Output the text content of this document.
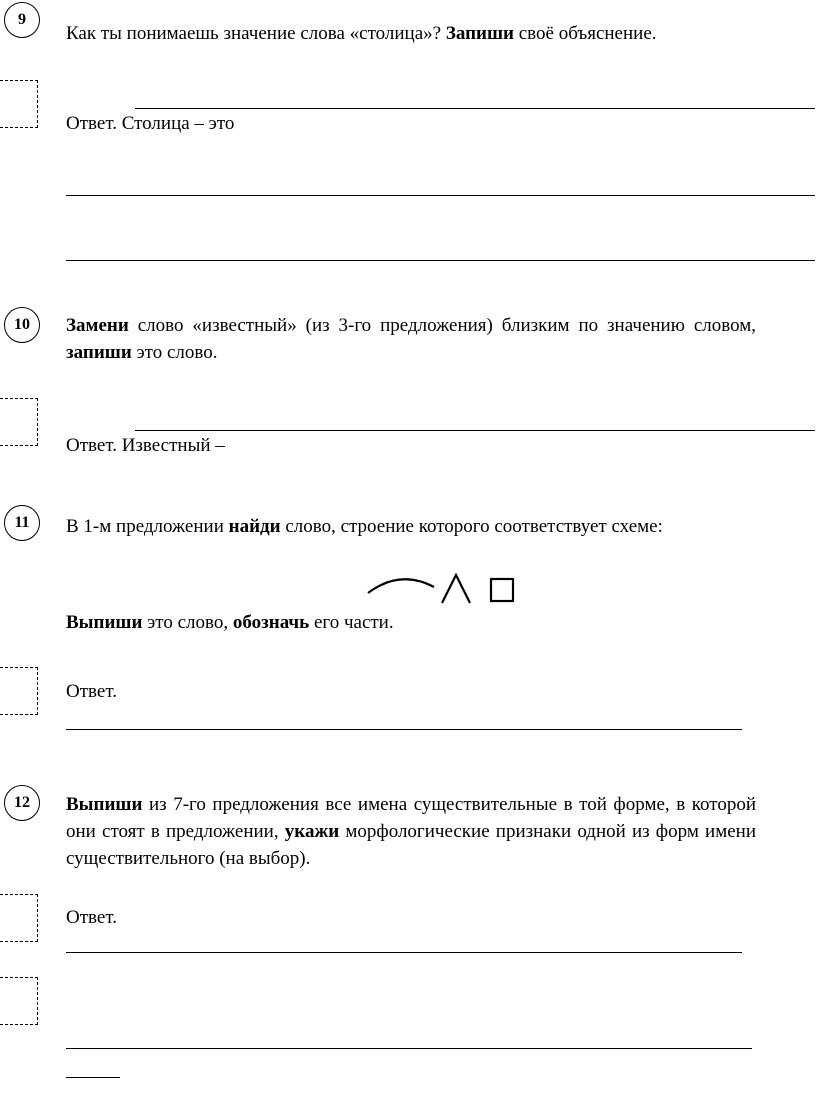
9
Как ты понимаешь значение слова «столица»? Запиши своё объяснение.
Ответ. Столица – это
10	Замени слово «известный» (из 3-го предложения) близким по значению словом, запиши это слово.
Ответ. Известный –
11	В 1-м предложении найди слово, строение которого соответствует схеме:
Выпиши это слово, обозначь его части.
Ответ.
12	Выпиши из 7-го предложения все имена существительные в той форме, в которой они стоят в предложении, укажи морфологические признаки одной из форм имени существительного (на выбор).
Ответ.
